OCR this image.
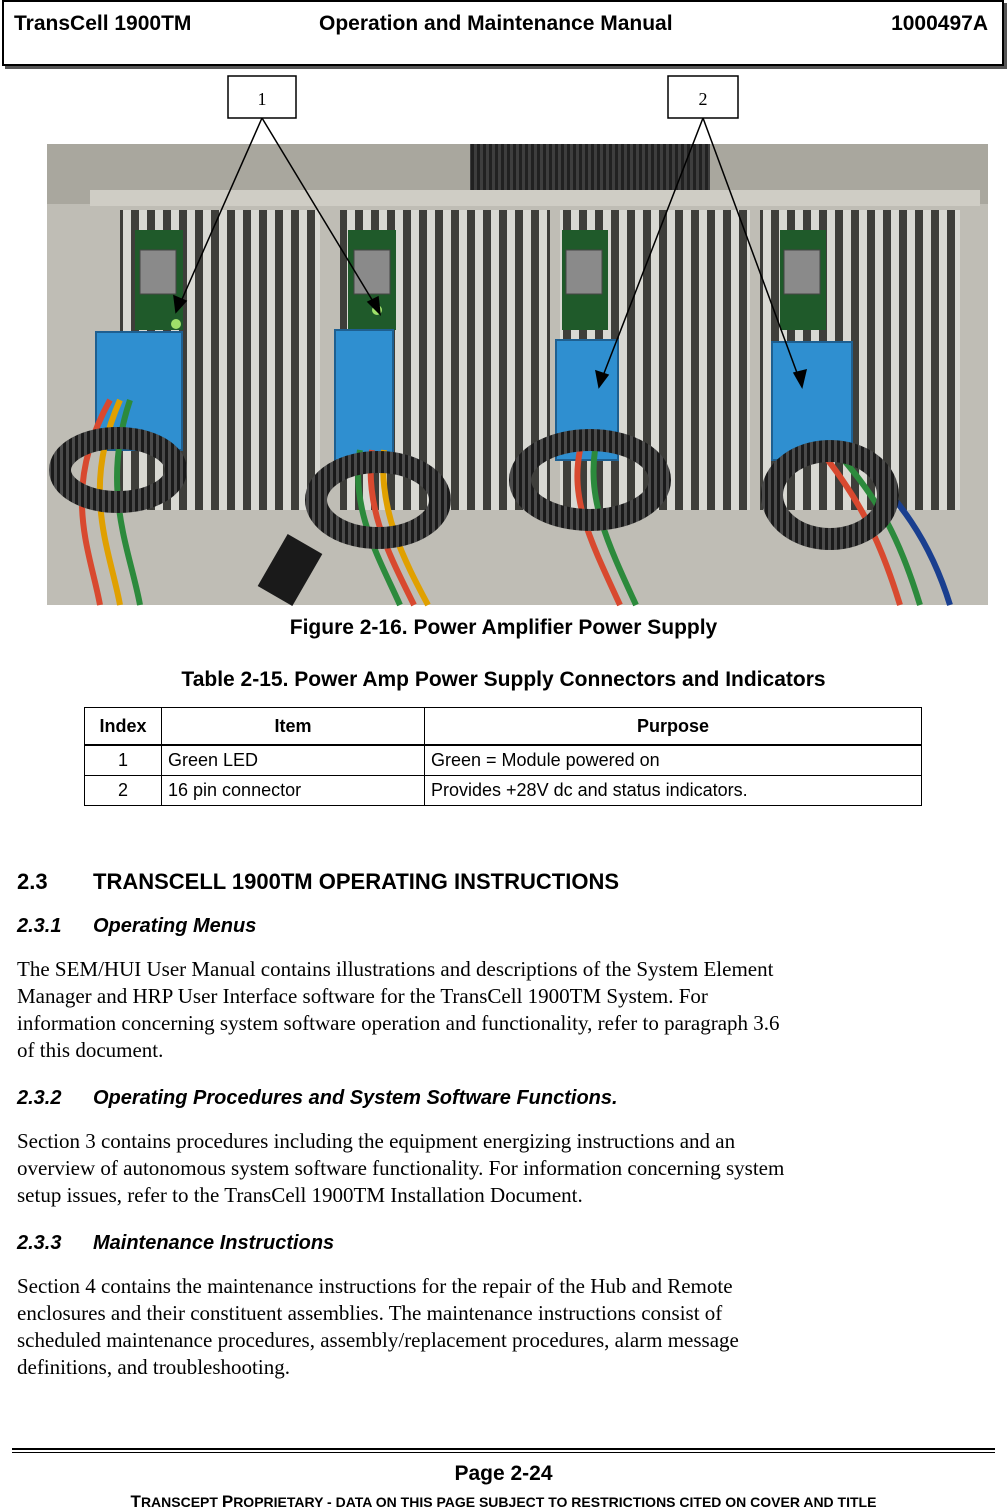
TransCell 1900TM	Operation and Maintenance Manual	1000497A
1	2
Figure 2-16. Power Amplifier Power Supply
Table 2-15. Power Amp Power Supply Connectors and Indicators
Index	Item	Purpose
1	Green LED	Green = Module powered on
2	16 pin connector	Provides +28V dc and status indicators.
2.3 TRANSCELL 1900TM OPERATING INSTRUCTIONS
2.3.1 Operating Menus
The SEM/HUI User Manual contains illustrations and descriptions of the System Element
Manager and HRP User Interface software for the TransCell 1900TM System. For
information concerning system software operation and functionality, refer to paragraph 3.6
of this document.
2.3.2 Operating Procedures and System Software Functions.
Section 3 contains procedures including the equipment energizing instructions and an
overview of autonomous system software functionality. For information concerning system
setup issues, refer to the TransCell 1900TM Installation Document.
2.3.3 Maintenance Instructions
Section 4 contains the maintenance instructions for the repair of the Hub and Remote
enclosures and their constituent assemblies. The maintenance instructions consist of
scheduled maintenance procedures, assembly/replacement procedures, alarm message
definitions, and troubleshooting.
Page 2-24
TRANSCEPT PROPRIETARY - DATA ON THIS PAGE SUBJECT TO RESTRICTIONS CITED ON COVER AND TITLE
